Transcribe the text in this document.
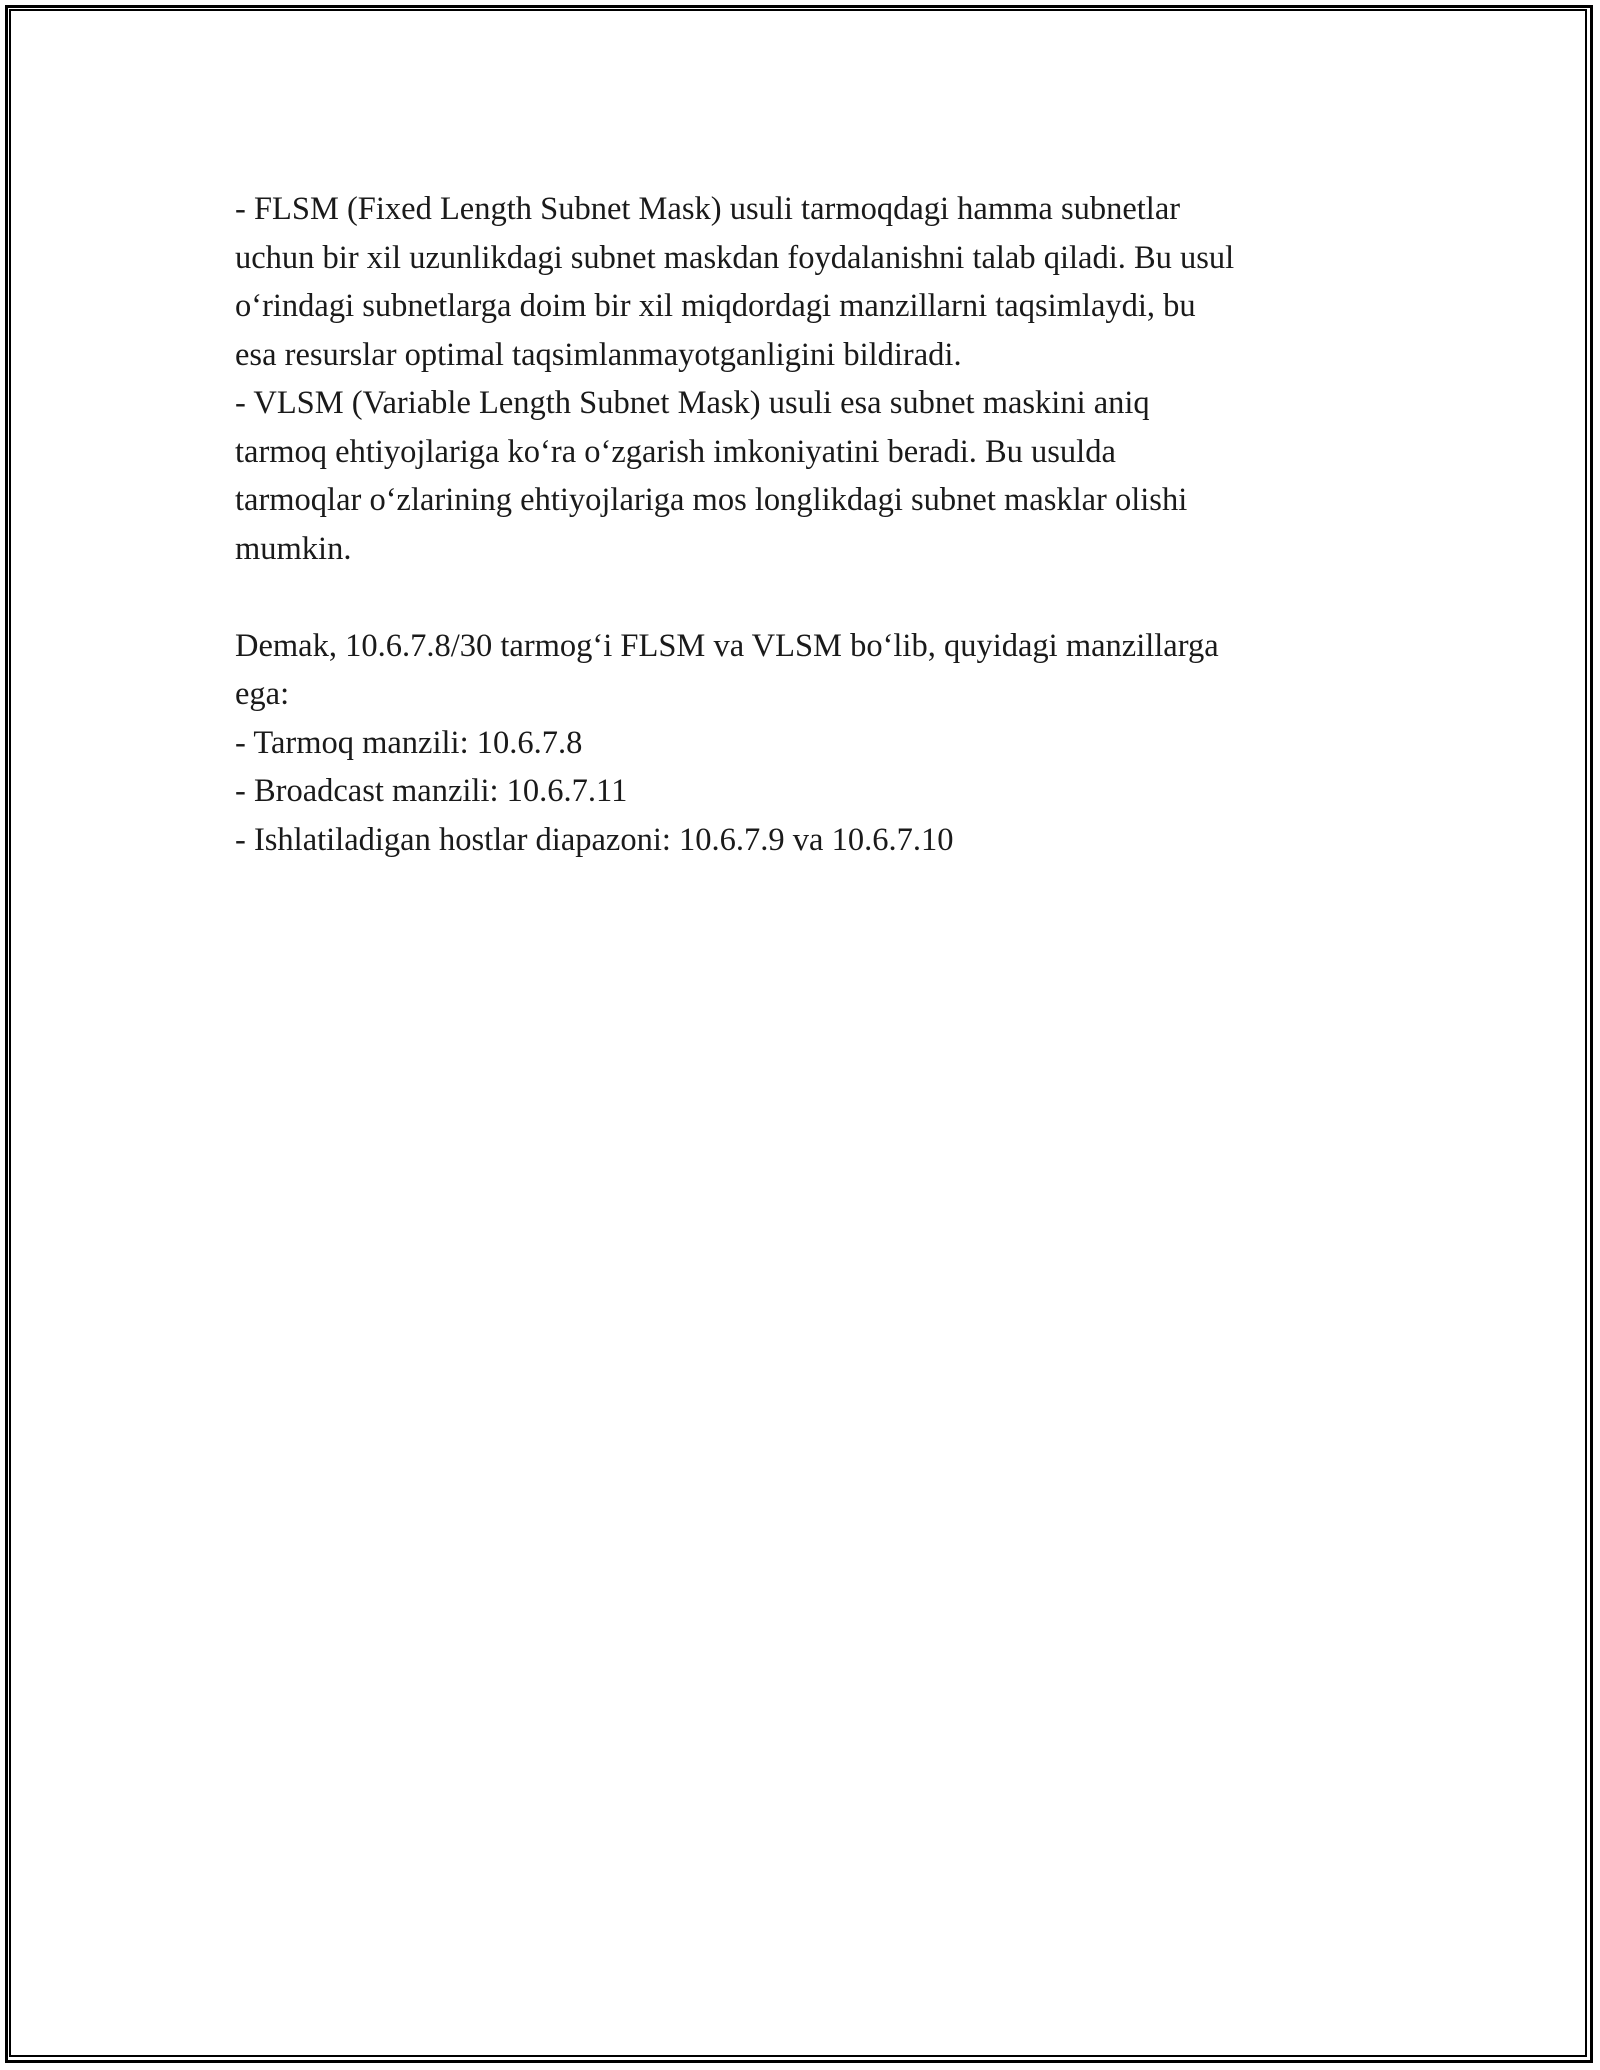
- FLSM (Fixed Length Subnet Mask) usuli tarmoqdagi hamma subnetlar
uchun bir xil uzunlikdagi subnet maskdan foydalanishni talab qiladi. Bu usul
o‘rindagi subnetlarga doim bir xil miqdordagi manzillarni taqsimlaydi, bu
esa resurslar optimal taqsimlanmayotganligini bildiradi.
- VLSM (Variable Length Subnet Mask) usuli esa subnet maskini aniq
tarmoq ehtiyojlariga ko‘ra o‘zgarish imkoniyatini beradi. Bu usulda
tarmoqlar o‘zlarining ehtiyojlariga mos longlikdagi subnet masklar olishi
mumkin.
Demak, 10.6.7.8/30 tarmog‘i FLSM va VLSM bo‘lib, quyidagi manzillarga
ega:
- Tarmoq manzili: 10.6.7.8
- Broadcast manzili: 10.6.7.11
- Ishlatiladigan hostlar diapazoni: 10.6.7.9 va 10.6.7.10
